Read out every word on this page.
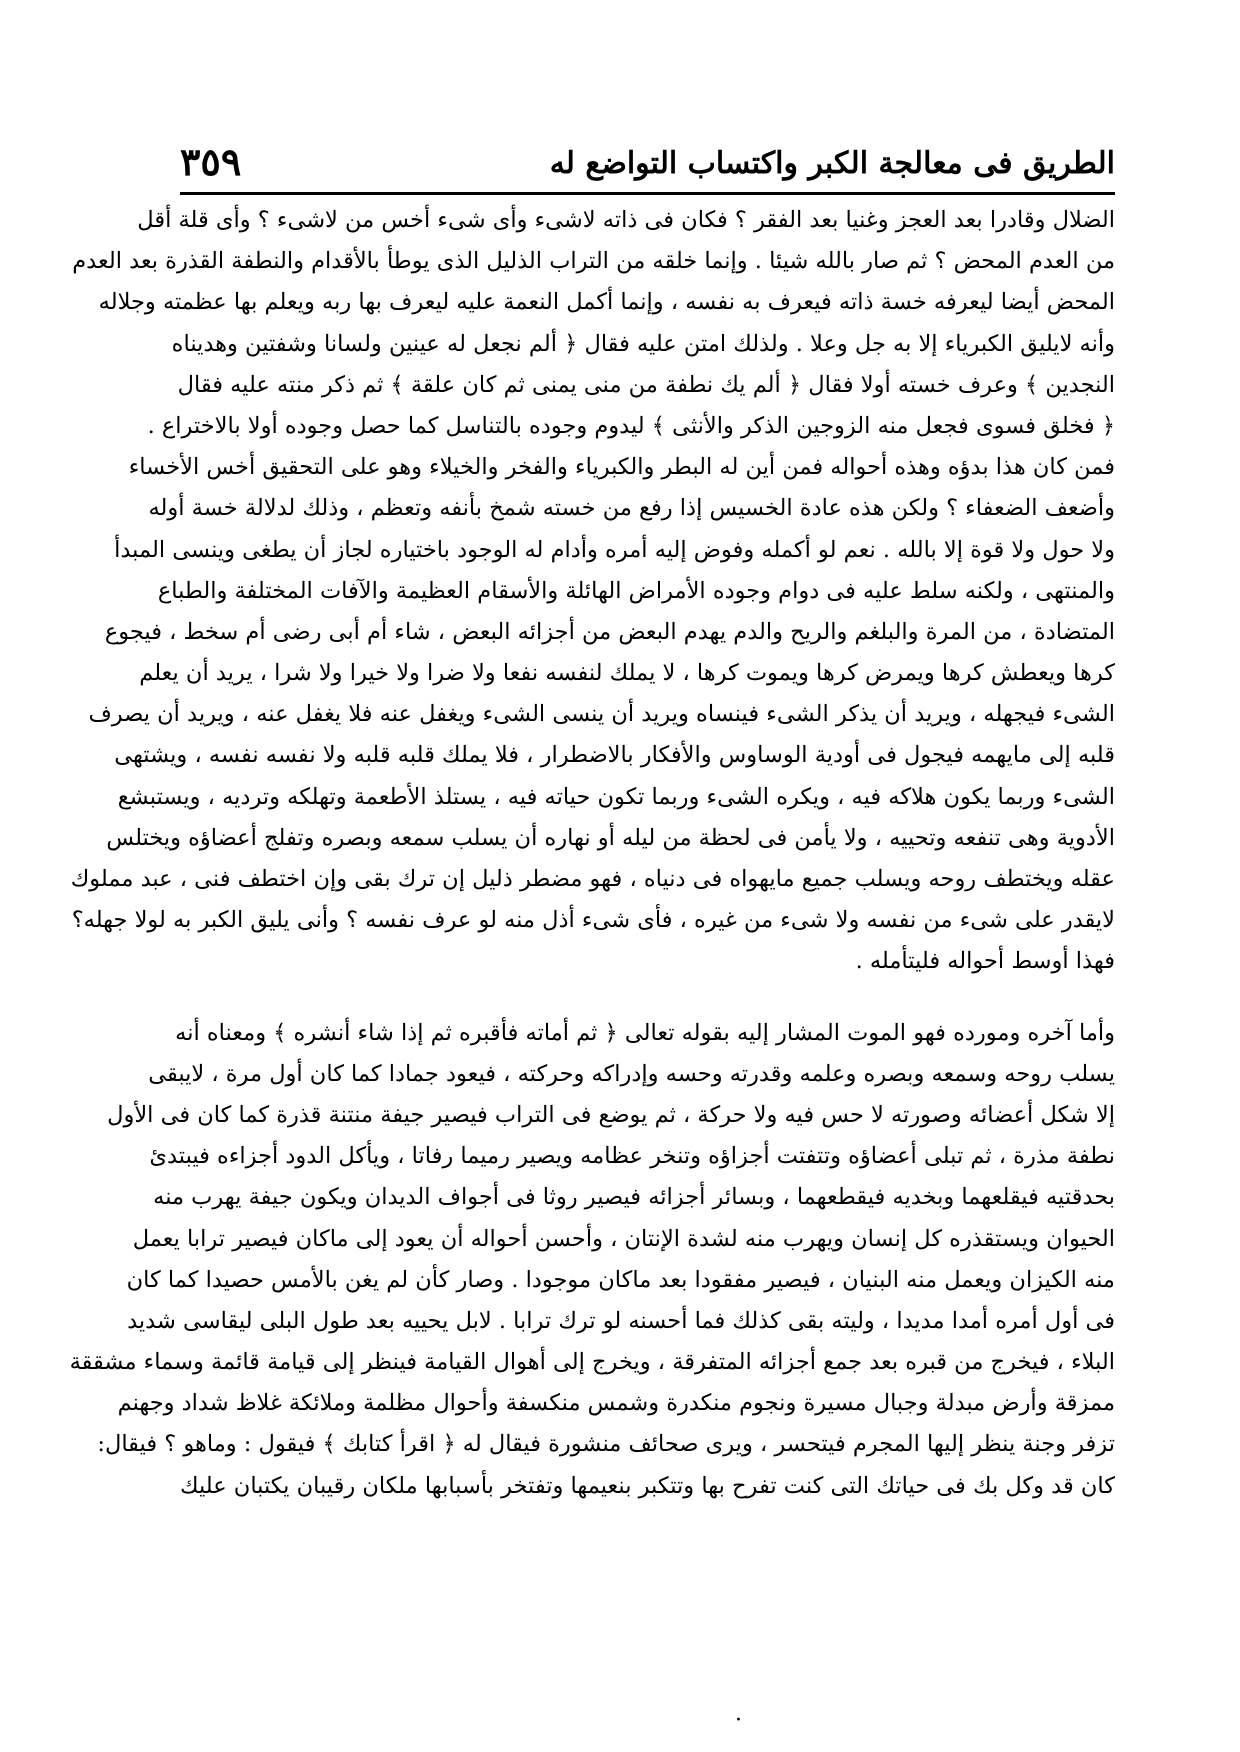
٣٥٩	الطريق فى معالجة الكبر واكتساب التواضع له
الضلال وقادرا بعد العجز وغنيا بعد الفقر ؟ فكان فى ذاته لاشىء وأى شىء أخس من لاشىء ؟ وأى قلة أقل
من العدم المحض ؟ ثم صار بالله شيئا . وإنما خلقه من التراب الذليل الذى يوطأ بالأقدام والنطفة القذرة بعد العدم
المحض أيضا ليعرفه خسة ذاته فيعرف به نفسه ، وإنما أكمل النعمة عليه ليعرف بها ربه ويعلم بها عظمته وجلاله
وأنه لايليق الكبرياء إلا به جل وعلا . ولذلك امتن عليه فقال ﴿ ألم نجعل له عينين ولسانا وشفتين وهديناه
النجدين ﴾ وعرف خسته أولا فقال ﴿ ألم يك نطفة من منى يمنى ثم كان علقة ﴾ ثم ذكر منته عليه فقال
﴿ فخلق فسوى فجعل منه الزوجين الذكر والأنثى ﴾ ليدوم وجوده بالتناسل كما حصل وجوده أولا بالاختراع .
فمن كان هذا بدؤه وهذه أحواله فمن أين له البطر والكبرياء والفخر والخيلاء وهو على التحقيق أخس الأخساء
وأضعف الضعفاء ؟ ولكن هذه عادة الخسيس إذا رفع من خسته شمخ بأنفه وتعظم ، وذلك لدلالة خسة أوله
ولا حول ولا قوة إلا بالله . نعم لو أكمله وفوض إليه أمره وأدام له الوجود باختياره لجاز أن يطغى وينسى المبدأ
والمنتهى ، ولكنه سلط عليه فى دوام وجوده الأمراض الهائلة والأسقام العظيمة والآفات المختلفة والطباع
المتضادة ، من المرة والبلغم والريح والدم يهدم البعض من أجزائه البعض ، شاء أم أبى رضى أم سخط ، فيجوع
كرها ويعطش كرها ويمرض كرها ويموت كرها ، لا يملك لنفسه نفعا ولا ضرا ولا خيرا ولا شرا ، يريد أن يعلم
الشىء فيجهله ، ويريد أن يذكر الشىء فينساه ويريد أن ينسى الشىء ويغفل عنه فلا يغفل عنه ، ويريد أن يصرف
قلبه إلى مايهمه فيجول فى أودية الوساوس والأفكار بالاضطرار ، فلا يملك قلبه قلبه ولا نفسه نفسه ، ويشتهى
الشىء وربما يكون هلاكه فيه ، ويكره الشىء وربما تكون حياته فيه ، يستلذ الأطعمة وتهلكه وترديه ، ويستبشع
الأدوية وهى تنفعه وتحييه ، ولا يأمن فى لحظة من ليله أو نهاره أن يسلب سمعه وبصره وتفلج أعضاؤه ويختلس
عقله ويختطف روحه ويسلب جميع مايهواه فى دنياه ، فهو مضطر ذليل إن ترك بقى وإن اختطف فنى ، عبد مملوك
لايقدر على شىء من نفسه ولا شىء من غيره ، فأى شىء أذل منه لو عرف نفسه ؟ وأنى يليق الكبر به لولا جهله؟
فهذا أوسط أحواله فليتأمله .
وأما آخره ومورده فهو الموت المشار إليه بقوله تعالى ﴿ ثم أماته فأقبره ثم إذا شاء أنشره ﴾ ومعناه أنه
يسلب روحه وسمعه وبصره وعلمه وقدرته وحسه وإدراكه وحركته ، فيعود جمادا كما كان أول مرة ، لايبقى
إلا شكل أعضائه وصورته لا حس فيه ولا حركة ، ثم يوضع فى التراب فيصير جيفة منتنة قذرة كما كان فى الأول
نطفة مذرة ، ثم تبلى أعضاؤه وتتفتت أجزاؤه وتنخر عظامه ويصير رميما رفاتا ، ويأكل الدود أجزاءه فيبتدئ
بحدقتيه فيقلعهما وبخديه فيقطعهما ، وبسائر أجزائه فيصير روثا فى أجواف الديدان ويكون جيفة يهرب منه
الحيوان ويستقذره كل إنسان ويهرب منه لشدة الإنتان ، وأحسن أحواله أن يعود إلى ماكان فيصير ترابا يعمل
منه الكيزان ويعمل منه البنيان ، فيصير مفقودا بعد ماكان موجودا . وصار كأن لم يغن بالأمس حصيدا كما كان
فى أول أمره أمدا مديدا ، وليته بقى كذلك فما أحسنه لو ترك ترابا . لابل يحييه بعد طول البلى ليقاسى شديد
البلاء ، فيخرج من قبره بعد جمع أجزائه المتفرقة ، ويخرج إلى أهوال القيامة فينظر إلى قيامة قائمة وسماء مشققة
ممزقة وأرض مبدلة وجبال مسيرة ونجوم منكدرة وشمس منكسفة وأحوال مظلمة وملائكة غلاظ شداد وجهنم
تزفر وجنة ينظر إليها المجرم فيتحسر ، ويرى صحائف منشورة فيقال له ﴿ اقرأ كتابك ﴾ فيقول : وماهو ؟ فيقال:
كان قد وكل بك فى حياتك التى كنت تفرح بها وتتكبر بنعيمها وتفتخر بأسبابها ملكان رقيبان يكتبان عليك
·
